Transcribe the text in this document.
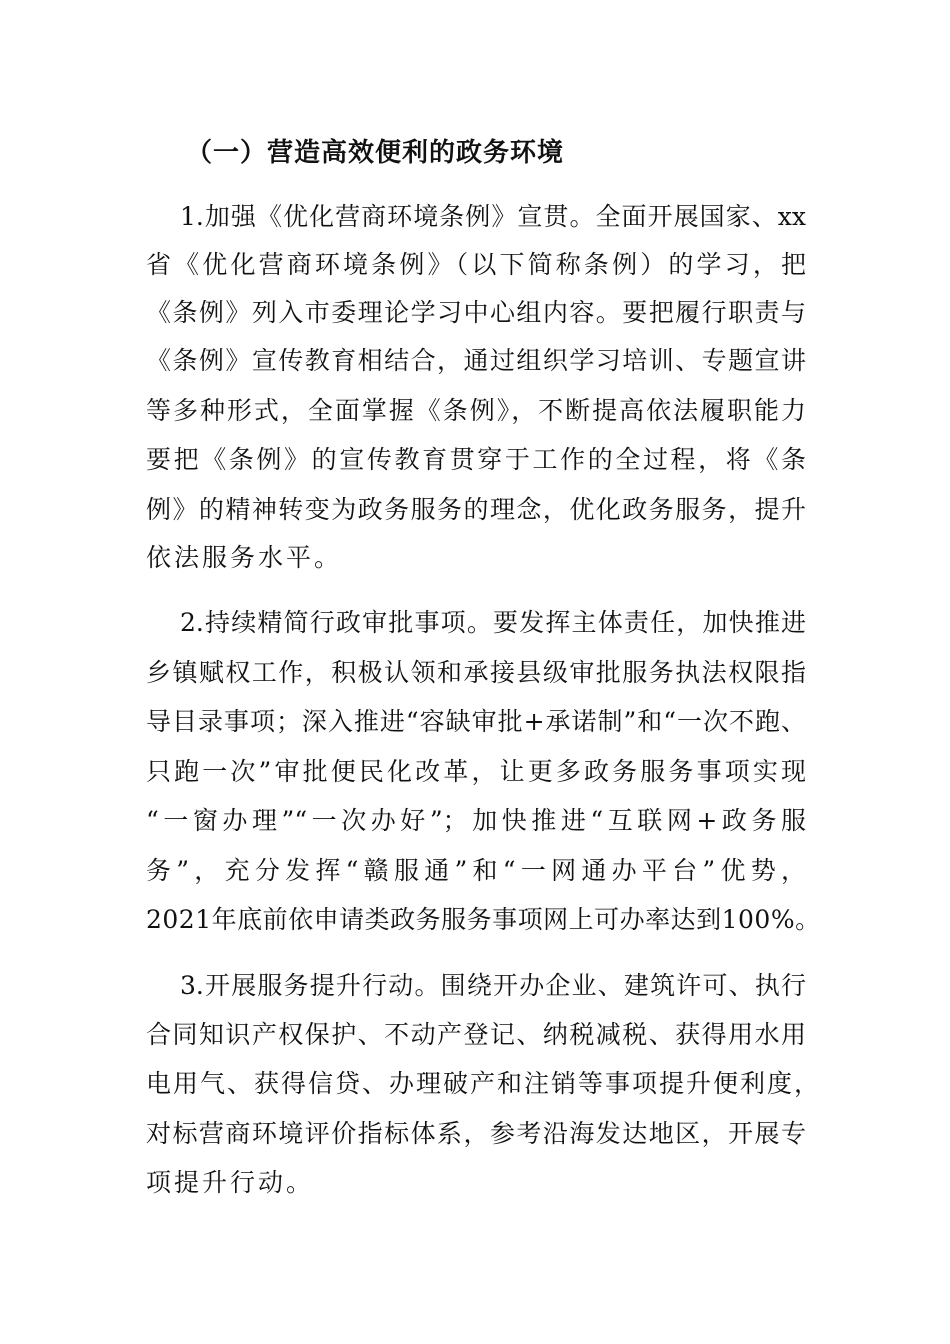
（一）营造高效便利的政务环境
1.加强《优化营商环境条例》宣贯。全面开展国家、xx
省《优化营商环境条例》（以下简称条例）的学习，把
《条例》列入市委理论学习中心组内容。要把履行职责与
《条例》宣传教育相结合，通过组织学习培训、专题宣讲
等多种形式，全面掌握《条例》，不断提高依法履职能力
要把《条例》的宣传教育贯穿于工作的全过程，将《条
例》的精神转变为政务服务的理念，优化政务服务，提升
依法服务水平。
2.持续精简行政审批事项。要发挥主体责任，加快推进
乡镇赋权工作，积极认领和承接县级审批服务执法权限指
导目录事项；深入推进“容缺审批+承诺制”和“一次不跑、
只跑一次”审批便民化改革，让更多政务服务事项实现
“一窗办理”“一次办好”；加快推进“互联网+政务服
务”，充分发挥“赣服通”和“一网通办平台”优势，
2021年底前依申请类政务服务事项网上可办率达到100%。
3.开展服务提升行动。围绕开办企业、建筑许可、执行
合同知识产权保护、不动产登记、纳税减税、获得用水用
电用气、获得信贷、办理破产和注销等事项提升便利度，
对标营商环境评价指标体系，参考沿海发达地区，开展专
项提升行动。
